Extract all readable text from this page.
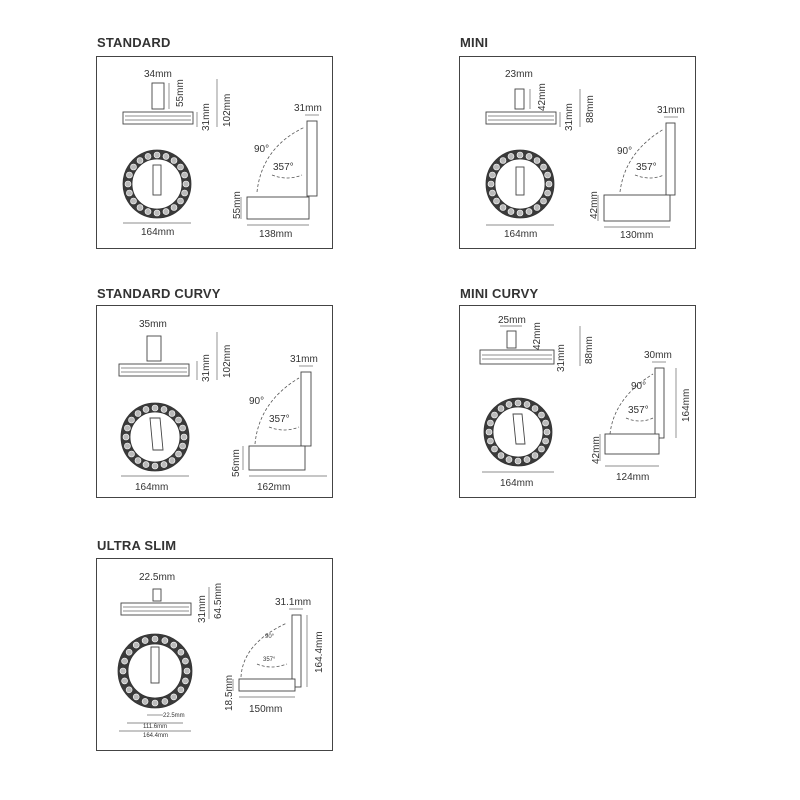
STANDARD
34mm
55mm
31mm 102mm
164mm
31mm
90°
357°
55mm
138mm
MINI
23mm
42mm
31mm 88mm
164mm
31mm
90°
357°
42mm
130mm
STANDARD CURVY
35mm
31mm 102mm
164mm
31mm
90°
357°
56mm
162mm
MINI CURVY
25mm
42mm
31mm 88mm
164mm
30mm
164mm
90°
357°
42mm
124mm
ULTRA SLIM
22.5mm
31mm 64.5mm
22.5mm
111.6mm
164.4mm
31.1mm
164.4mm
90°
357°
18.5mm 150mm
